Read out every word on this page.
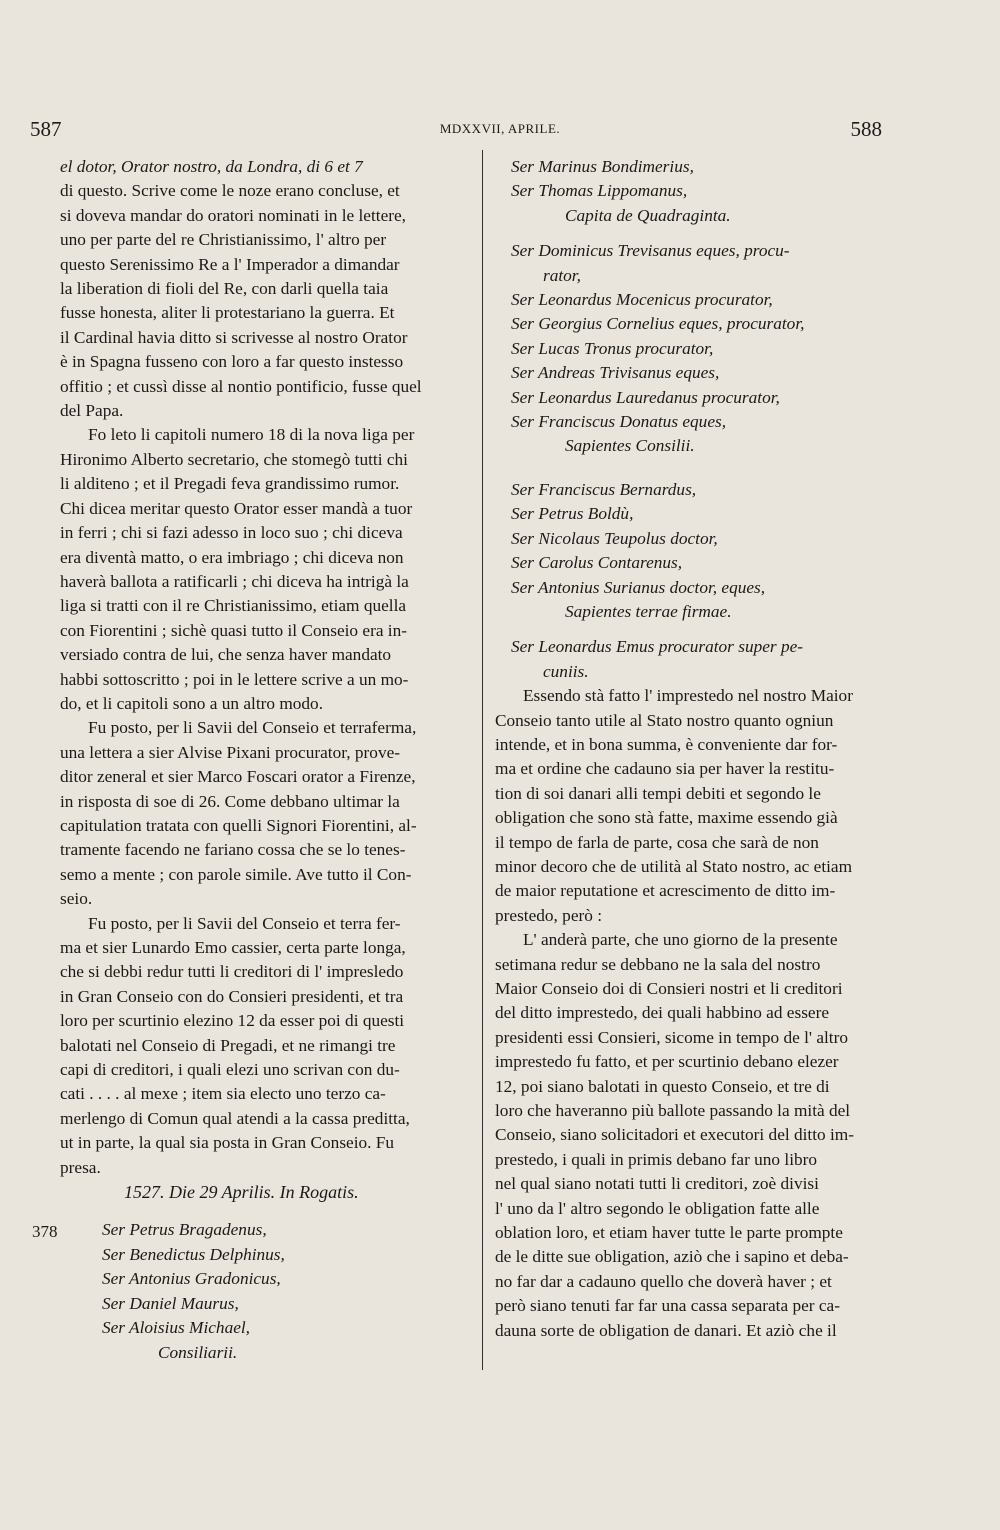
587	MDXXVII, APRILE.	588
378

el dotor, Orator nostro, da Londra, di 6 et 7
di questo. Scrive come le noze erano concluse, et
si doveva mandar do oratori nominati in le lettere,
uno per parte del re Christianissimo, l' altro per
questo Serenissimo Re a l' Imperador a dimandar
la liberation di fioli del Re, con darli quella taia
fusse honesta, aliter li protestariano la guerra. Et
il Cardinal havia ditto si scrivesse al nostro Orator
è in Spagna fusseno con loro a far questo instesso
offitio ; et cussì disse al nontio pontificio, fusse quel
del Papa.

Fo leto li capitoli numero 18 di la nova liga per
Hironimo Alberto secretario, che stomegò tutti chi
li alditeno ; et il Pregadi feva grandissimo rumor.
Chi dicea meritar questo Orator esser mandà a tuor
in ferri ; chi si fazi adesso in loco suo ; chi diceva
era diventà matto, o era imbriago ; chi diceva non
haverà ballota a ratificarli ; chi diceva ha intrigà la
liga si tratti con il re Christianissimo, etiam quella
con Fiorentini ; sichè quasi tutto il Conseio era in-
versiado contra de lui, che senza haver mandato
habbi sottoscritto ; poi in le lettere scrive a un mo-
do, et li capitoli sono a un altro modo.

Fu posto, per li Savii del Conseio et terraferma,
una lettera a sier Alvise Pixani procurator, prove-
ditor zeneral et sier Marco Foscari orator a Firenze,
in risposta di soe di 26. Come debbano ultimar la
capitulation tratata con quelli Signori Fiorentini, al-
tramente facendo ne fariano cossa che se lo tenes-
semo a mente ; con parole simile. Ave tutto il Con-
seio.

Fu posto, per li Savii del Conseio et terra fer-
ma et sier Lunardo Emo cassier, certa parte longa,
che si debbi redur tutti li creditori di l' impresledo
in Gran Conseio con do Consieri presidenti, et tra
loro per scurtinio elezino 12 da esser poi di questi
balotati nel Conseio di Pregadi, et ne rimangi tre
capi di creditori, i quali elezi uno scrivan con du-
cati . . . . al mexe ; item sia electo uno terzo ca-
merlengo di Comun qual atendi a la cassa preditta,
ut in parte, la qual sia posta in Gran Conseio. Fu
presa.

1527. Die 29 Aprilis. In Rogatis.

Ser Petrus Bragadenus,
Ser Benedictus Delphinus,
Ser Antonius Gradonicus,
Ser Daniel Maurus,
Ser Aloisius Michael,
Consiliarii.
Ser Marinus Bondimerius,
Ser Thomas Lippomanus,
Capita de Quadraginta.
Ser Dominicus Trevisanus eques, procu-
rator,
Ser Leonardus Mocenicus procurator,
Ser Georgius Cornelius eques, procurator,
Ser Lucas Tronus procurator,
Ser Andreas Trivisanus eques,
Ser Leonardus Lauredanus procurator,
Ser Franciscus Donatus eques,
Sapientes Consilii.
Ser Franciscus Bernardus,
Ser Petrus Boldù,
Ser Nicolaus Teupolus doctor,
Ser Carolus Contarenus,
Ser Antonius Surianus doctor, eques,
Sapientes terrae firmae.
Ser Leonardus Emus procurator super pe-
cuniis.

Essendo stà fatto l' imprestedo nel nostro Maior
Conseio tanto utile al Stato nostro quanto ogniun
intende, et in bona summa, è conveniente dar for-
ma et ordine che cadauno sia per haver la restitu-
tion di soi danari alli tempi debiti et segondo le
obligation che sono stà fatte, maxime essendo già
il tempo de farla de parte, cosa che sarà de non
minor decoro che de utilità al Stato nostro, ac etiam
de maior reputatione et acrescimento de ditto im-
prestedo, però :

L' anderà parte, che uno giorno de la presente
setimana redur se debbano ne la sala del nostro
Maior Conseio doi di Consieri nostri et li creditori
del ditto imprestedo, dei quali habbino ad essere
presidenti essi Consieri, sicome in tempo de l' altro
imprestedo fu fatto, et per scurtinio debano elezer
12, poi siano balotati in questo Conseio, et tre di
loro che haveranno più ballote passando la mità del
Conseio, siano solicitadori et executori del ditto im-
prestedo, i quali in primis debano far uno libro
nel qual siano notati tutti li creditori, zoè divisi
l' uno da l' altro segondo le obligation fatte alle
oblation loro, et etiam haver tutte le parte prompte
de le ditte sue obligation, aziò che i sapino et deba-
no far dar a cadauno quello che doverà haver ; et
però siano tenuti far far una cassa separata per ca-
dauna sorte de obligation de danari. Et aziò che il
